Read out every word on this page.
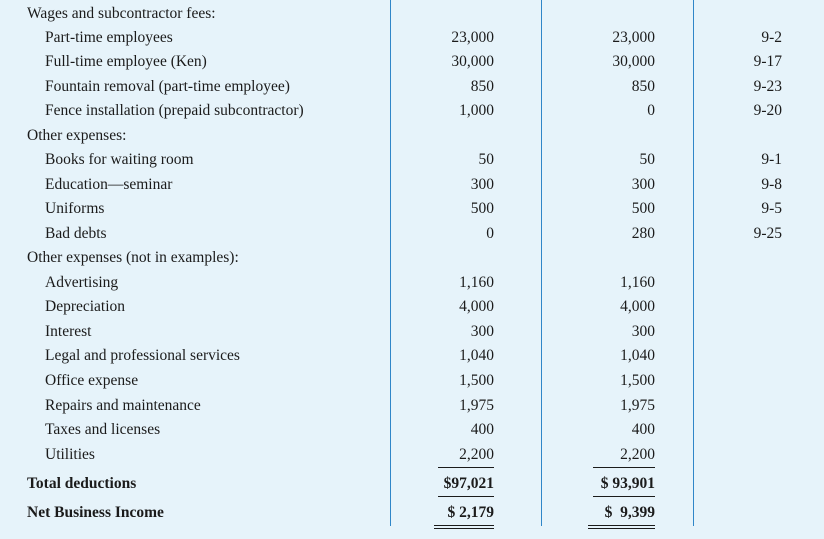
Wages and subcontractor fees:
Part-time employees	23,000	23,000	9-2
Full-time employee (Ken)	30,000	30,000	9-17
Fountain removal (part-time employee)	850	850	9-23
Fence installation (prepaid subcontractor)	1,000	0	9-20
Other expenses:
Books for waiting room	50	50	9-1
Education—seminar	300	300	9-8
Uniforms	500	500	9-5
Bad debts	0	280	9-25
Other expenses (not in examples):
Advertising	1,160	1,160
Depreciation	4,000	4,000
Interest	300	300
Legal and professional services	1,040	1,040
Office expense	1,500	1,500
Repairs and maintenance	1,975	1,975
Taxes and licenses	400	400
Utilities	2,200	2,200
Total deductions	$97,021	$ 93,901
Net Business Income	$ 2,179	$  9,399
